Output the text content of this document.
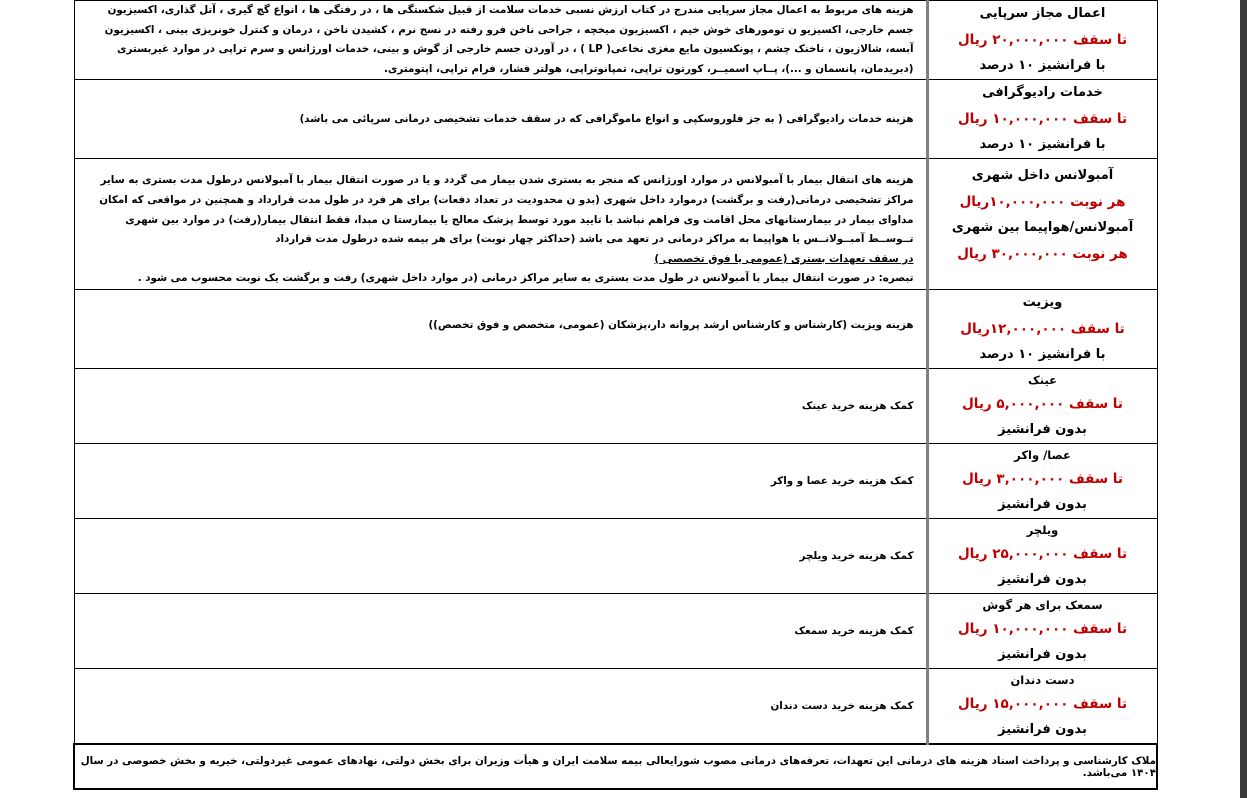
اعمال مجاز سرپایی
تا سقف ۲۰,۰۰۰,۰۰۰ ریال
با فرانشیز ۱۰ درصد
	هزینه های مربوط به اعمال مجاز سرپایی مندرج در کتاب ارزش نسبی خدمات سلامت از قبیل شکستگی ها ، در رفتگی ها ، انواع گچ گیری ، آتل گذاری، اکسیزیون جسم خارجی، اکسیزیو ن تومورهای خوش خیم ، اکسیزیون میخچه ، جراحی ناخن فرو رفته در نسج نرم ، کشیدن ناخن ، درمان و کنترل خونریزی بینی ، اکسیزیون آبسه، شالازیون ، ناخنک چشم ، پونکسیون مایع مغزی نخاعی( LP ) ، در آوردن جسم خارجی از گوش و بینی، خدمات اورژانس و سرم تراپی در موارد غیربستری (دبریدمان، پانسمان و ...)، پــاپ اسمیــر، کورتون تراپی، تمپانوتراپی، هولتر فشار، فرام تراپی، اپتومتری.

خدمات رادیوگرافی
تا سقف ۱۰,۰۰۰,۰۰۰ ریال
با فرانشیز ۱۰ درصد	هزینه خدمات رادیوگرافی ( به جز فلوروسکپی و انواع ماموگرافی که در سقف خدمات تشخیصی درمانی سرپائی می باشد)

آمبولانس داخل شهری
هر نوبت ۱۰,۰۰۰,۰۰۰ریال
آمبولانس/هواپیما بین شهری
هر نوبت ۳۰,۰۰۰,۰۰۰ ریال
	هزینه های انتقال بیمار با آمبولانس در موارد اورژانس که منجر به بستری شدن بیمار می گردد و یا در صورت انتقال بیمار با آمبولانس درطول مدت بستری به سایر مراکز تشخیصی درمانی(رفت و برگشت) درموارد داخل شهری (بدو ن محدودیت در تعداد دفعات) برای هر فرد در طول مدت قرارداد و همچنین در مواقعی که امکان مداوای بیمار در بیمارستانهای محل اقامت وی فراهم نباشد با تایید مورد توسط پزشک معالج یا بیمارستا ن مبدا، فقط انتقال بیمار(رفت) در موارد بین شهری تــوســط آمبــولانــس یا هواپیما به مراکز درمانی در تعهد می باشد (حداکثر چهار نوبت) برای هر بیمه شده درطول مدت قرارداد
در سقف تعهدات بستری (عمومی یا فوق تخصصی )
تبصره: در صورت انتقال بیمار با آمبولانس در طول مدت بستری به سایر مراکز درمانی (در موارد داخل شهری) رفت و برگشت یک نوبت محسوب می شود .

ویزیت
تا سقف ۱۲,۰۰۰,۰۰۰ریال
با فرانشیز ۱۰ درصد	هزینه ویزیت (کارشناس و کارشناس ارشد پروانه دار،پزشکان (عمومی، متخصص و فوق تخصص))

عینک
تا سقف ۵,۰۰۰,۰۰۰ ریال
بدون فرانشیز	کمک هزینه خرید عینک

عصا/ واکر
تا سقف ۳,۰۰۰,۰۰۰ ریال
بدون فرانشیز	کمک هزینه خرید عصا و واکر

ویلچر
تا سقف ۲۵,۰۰۰,۰۰۰ ریال
بدون فرانشیز	کمک هزینه خرید ویلچر

سمعک برای هر گوش
تا سقف ۱۰,۰۰۰,۰۰۰ ریال
بدون فرانشیز	کمک هزینه خرید سمعک

دست دندان
تا سقف ۱۵,۰۰۰,۰۰۰ ریال
بدون فرانشیز	کمک هزینه خرید دست دندان
ملاک کارشناسی و پرداخت اسناد هزینه های درمانی این تعهدات، تعرفه‌های درمانی مصوب شورایعالی بیمه سلامت ایران و هیأت وزیران برای بخش دولتی، نهادهای عمومی غیردولتی، خیریه و بخش خصوصی در سال ۱۴۰۴ می‌باشد.	
